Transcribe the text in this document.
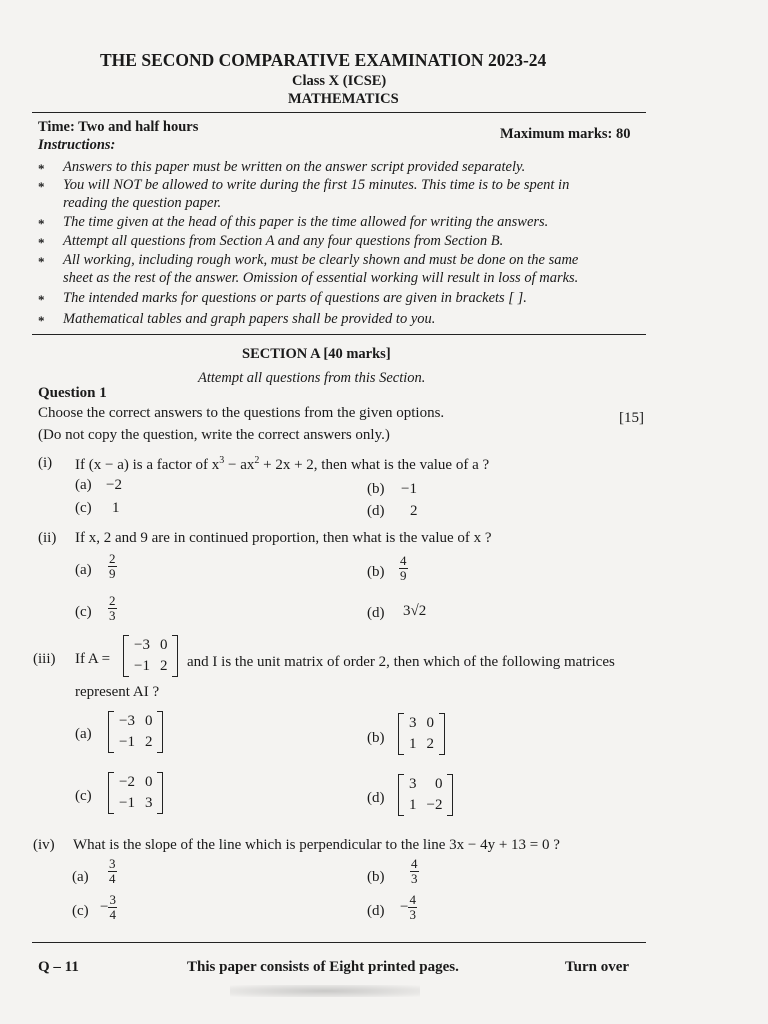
THE SECOND COMPARATIVE EXAMINATION 2023-24
Class X (ICSE)
MATHEMATICS
Time: Two and half hours	Maximum marks: 80
Instructions:
* Answers to this paper must be written on the answer script provided separately.
* You will NOT be allowed to write during the first 15 minutes. This time is to be spent in
reading the question paper.
* The time given at the head of this paper is the time allowed for writing the answers.
* Attempt all questions from Section A and any four questions from Section B.
* All working, including rough work, must be clearly shown and must be done on the same
sheet as the rest of the answer. Omission of essential working will result in loss of marks.
* The intended marks for questions or parts of questions are given in brackets [ ].
* Mathematical tables and graph papers shall be provided to you.
SECTION A [40 marks]
Attempt all questions from this Section.
Question 1
Choose the correct answers to the questions from the given options.	[15]
(Do not copy the question, write the correct answers only.)
(i) If (x − a) is a factor of $x^3 - ax^2 + 2x + 2$, then what is the value of a ?
(a) −2	(b) −1
(c) 1	(d) 2
(ii) If x, 2 and 9 are in continued proportion, then what is the value of x ?
$(a) \frac{2}{9}$	$(b) \frac{4}{9}$
$(c) \frac{2}{3}$	(d) 3√2
(iii) If A =
−3	0
−1	2 and I is the unit matrix of order 2, then which of the following matrices
represent AI ?
(a)
−3	0
−1	2	(b)
3	0
1	2
(c)
−2	0
−1	3	(d)
3	0
1	−2
(iv) What is the slope of the line which is perpendicular to the line 3x − 4y + 13 = 0 ?
$(a) \frac{3}{4}$	$(b) \frac{4}{3}$
$(c) - \frac{3}{4}$	$(d) - \frac{4}{3}$
Q – 11	This paper consists of Eight printed pages.	Turn over
